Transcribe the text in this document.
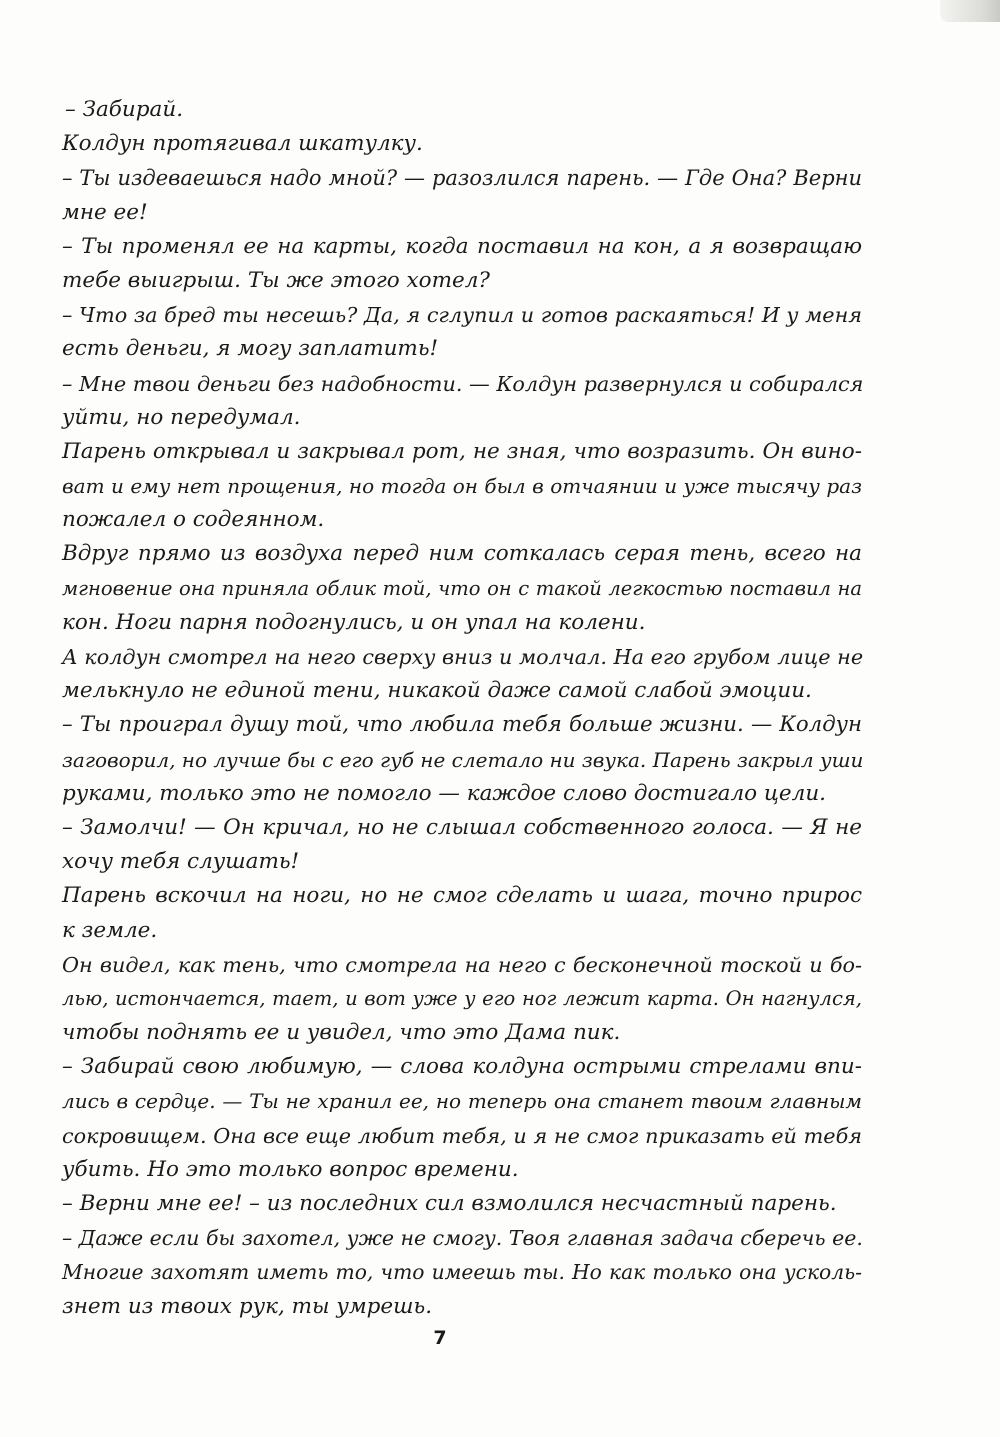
– Забирай.
Колдун протягивал шкатулку.
– Ты издеваешься надо мной? — разозлился парень. — Где Она? Верни
мне ее!
– Ты променял ее на карты, когда поставил на кон, а я возвращаю
тебе выигрыш. Ты же этого хотел?
– Что за бред ты несешь? Да, я сглупил и готов раскаяться! И у меня
есть деньги, я могу заплатить!
– Мне твои деньги без надобности. — Колдун развернулся и собирался
уйти, но передумал.
Парень открывал и закрывал рот, не зная, что возразить. Он вино-
ват и ему нет прощения, но тогда он был в отчаянии и уже тысячу раз
пожалел о содеянном.
Вдруг прямо из воздуха перед ним соткалась серая тень, всего на
мгновение она приняла облик той, что он с такой легкостью поставил на
кон. Ноги парня подогнулись, и он упал на колени.
А колдун смотрел на него сверху вниз и молчал. На его грубом лице не
мелькнуло не единой тени, никакой даже самой слабой эмоции.
– Ты проиграл душу той, что любила тебя больше жизни. — Колдун
заговорил, но лучше бы с его губ не слетало ни звука. Парень закрыл уши
руками, только это не помогло — каждое слово достигало цели.
– Замолчи! — Он кричал, но не слышал собственного голоса. — Я не
хочу тебя слушать!
Парень вскочил на ноги, но не смог сделать и шага, точно прирос
к земле.
Он видел, как тень, что смотрела на него с бесконечной тоской и бо-
лью, истончается, тает, и вот уже у его ног лежит карта. Он нагнулся,
чтобы поднять ее и увидел, что это Дама пик.
– Забирай свою любимую, — слова колдуна острыми стрелами впи-
лись в сердце. — Ты не хранил ее, но теперь она станет твоим главным
сокровищем. Она все еще любит тебя, и я не смог приказать ей тебя
убить. Но это только вопрос времени.
– Верни мне ее! – из последних сил взмолился несчастный парень.
– Даже если бы захотел, уже не смогу. Твоя главная задача сберечь ее.
Многие захотят иметь то, что имеешь ты. Но как только она усколь-
знет из твоих рук, ты умрешь.
7
